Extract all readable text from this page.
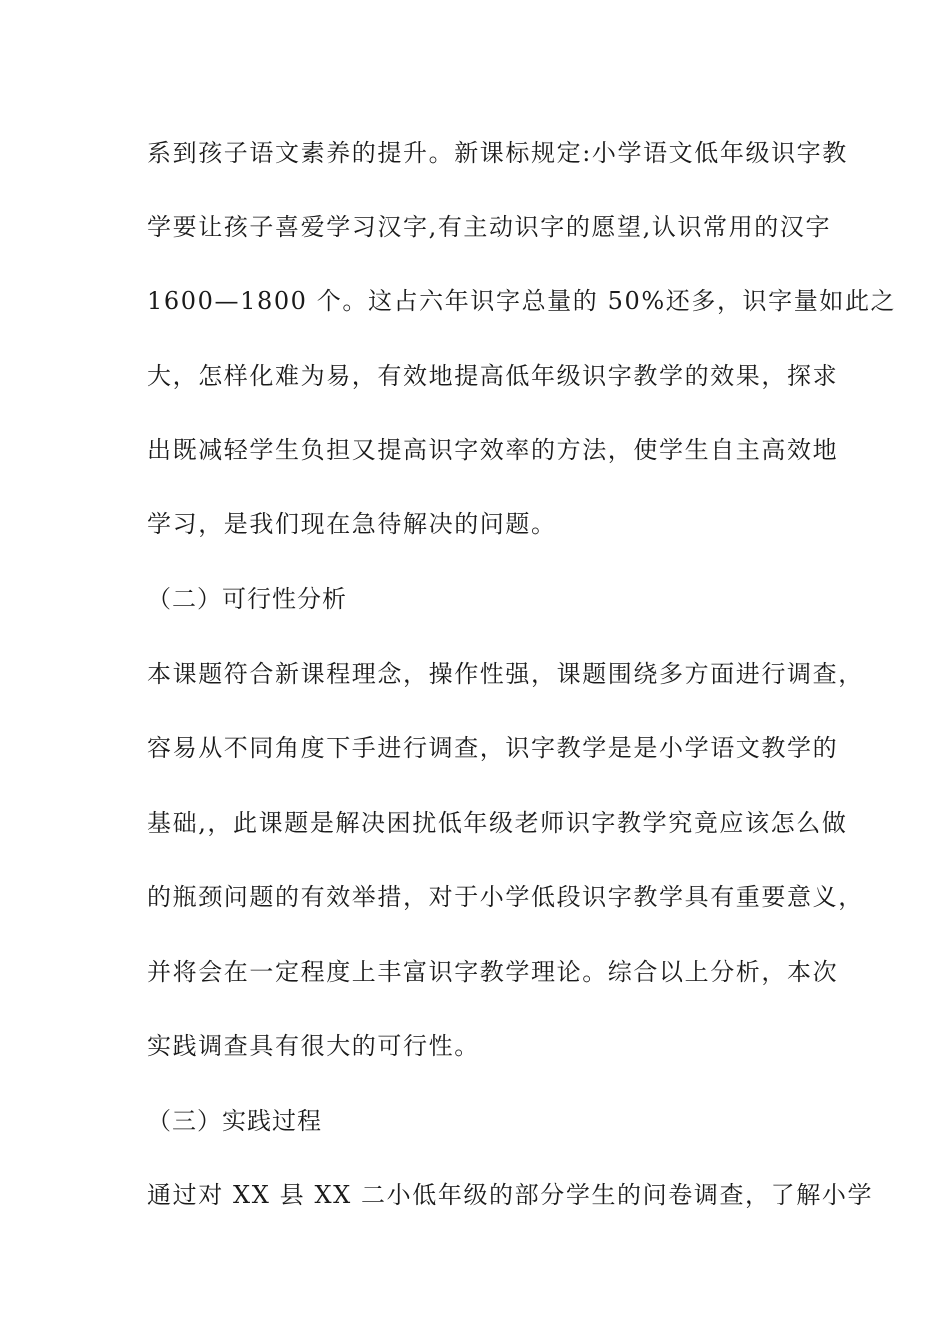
系到孩子语文素养的提升。新课标规定:小学语文低年级识字教
学要让孩子喜爱学习汉字,有主动识字的愿望,认识常用的汉字
1600—1800 个。这占六年识字总量的 50%还多，识字量如此之
大，怎样化难为易，有效地提高低年级识字教学的效果，探求
出既减轻学生负担又提高识字效率的方法，使学生自主高效地
学习，是我们现在急待解决的问题。
（二）可行性分析
本课题符合新课程理念，操作性强，课题围绕多方面进行调查，
容易从不同角度下手进行调查，识字教学是是小学语文教学的
基础,，此课题是解决困扰低年级老师识字教学究竟应该怎么做
的瓶颈问题的有效举措，对于小学低段识字教学具有重要意义，
并将会在一定程度上丰富识字教学理论。综合以上分析，本次
实践调查具有很大的可行性。
（三）实践过程
通过对 XX 县 XX 二小低年级的部分学生的问卷调查，了解小学
